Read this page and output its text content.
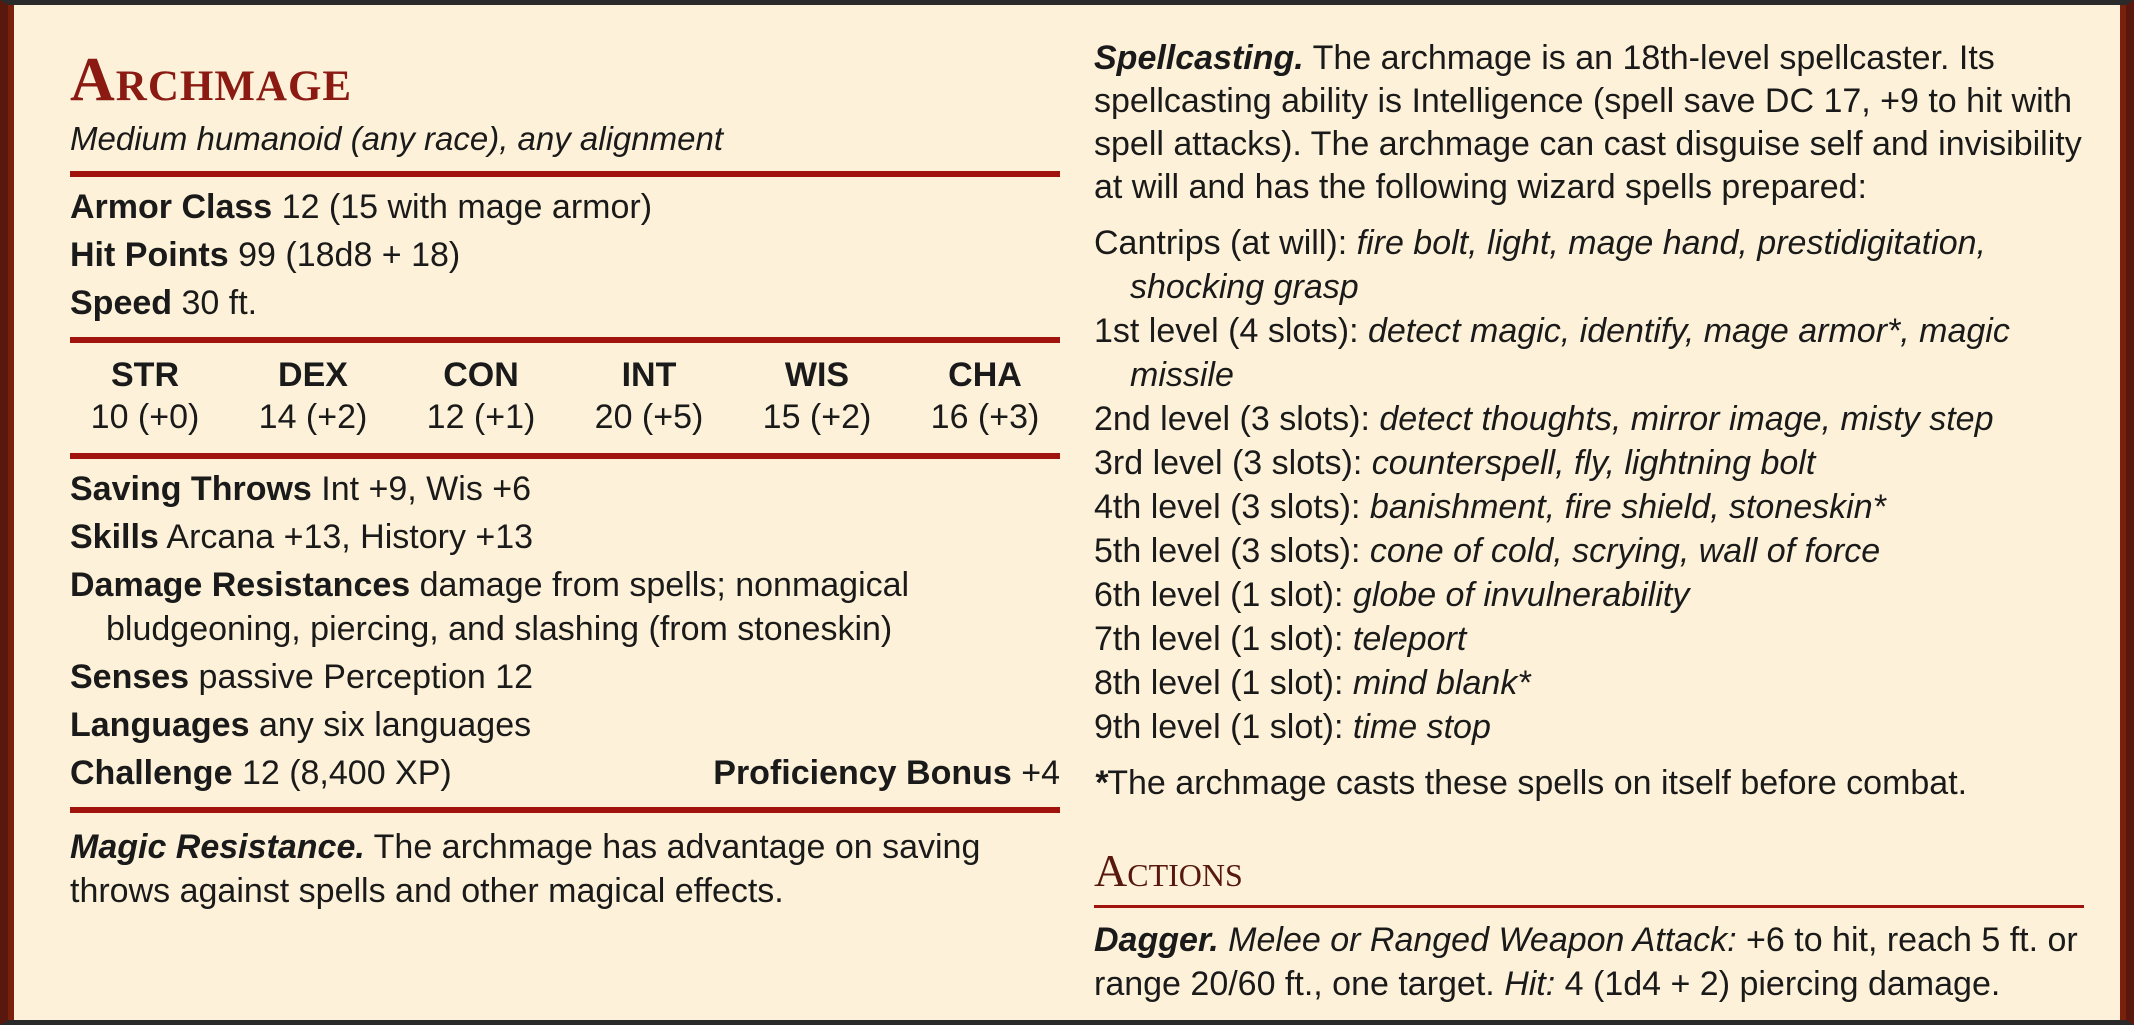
Archmage
Medium humanoid (any race), any alignment
Armor Class 12 (15 with mage armor)
Hit Points 99 (18d8 + 18)
Speed 30 ft.
STR
10 (+0)
DEX
14 (+2)
CON
12 (+1)
INT
20 (+5)
WIS
15 (+2)
CHA
16 (+3)
Saving Throws Int +9, Wis +6
Skills Arcana +13, History +13
Damage Resistances damage from spells; nonmagical bludgeoning, piercing, and slashing (from stoneskin)
Senses passive Perception 12
Languages any six languages
Challenge 12 (8,400 XP)	Proficiency Bonus +4
Magic Resistance. The archmage has advantage on saving throws against spells and other magical effects.
Spellcasting. The archmage is an 18th-level spellcaster. Its spellcasting ability is Intelligence (spell save DC 17, +9 to hit with spell attacks). The archmage can cast disguise self and invisibility at will and has the following wizard spells prepared:
Cantrips (at will): fire bolt, light, mage hand, prestidigitation, shocking grasp
1st level (4 slots): detect magic, identify, mage armor*, magic missile
2nd level (3 slots): detect thoughts, mirror image, misty step
3rd level (3 slots): counterspell, fly, lightning bolt
4th level (3 slots): banishment, fire shield, stoneskin*
5th level (3 slots): cone of cold, scrying, wall of force
6th level (1 slot): globe of invulnerability
7th level (1 slot): teleport
8th level (1 slot): mind blank*
9th level (1 slot): time stop
*The archmage casts these spells on itself before combat.
Actions
Dagger. Melee or Ranged Weapon Attack: +6 to hit, reach 5 ft. or range 20/60 ft., one target. Hit: 4 (1d4 + 2) piercing damage.
